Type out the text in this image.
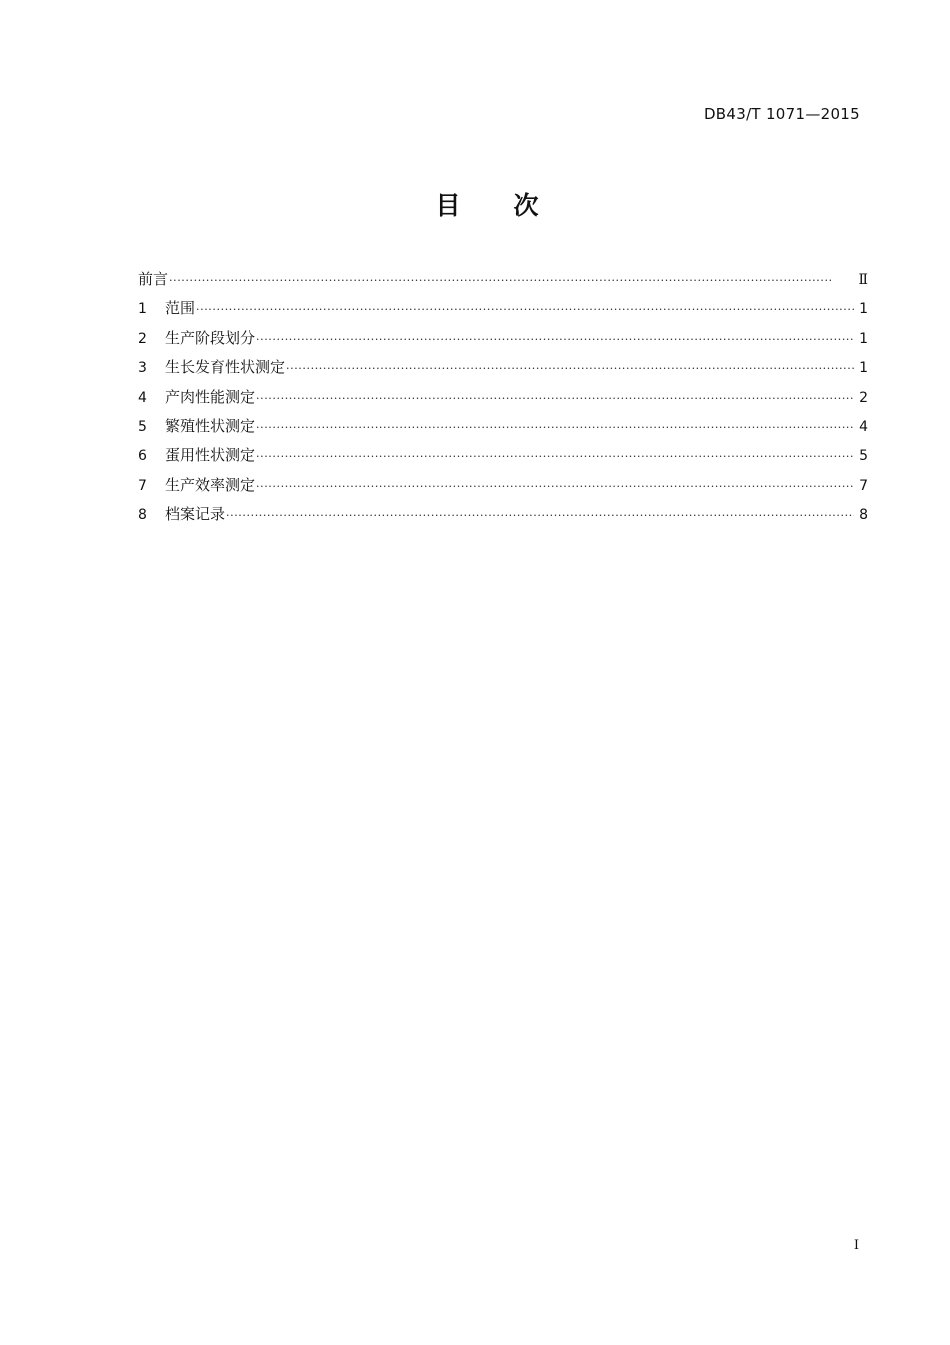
DB43/T 1071—2015
目 次
前言 ·····	Ⅱ
1	范围 ·····	1
2	生产阶段划分 ·····	1
3	生长发育性状测定 ·····	1
4	产肉性能测定 ·····	2
5	繁殖性状测定 ·····	4
6	蛋用性状测定 ·····	5
7	生产效率测定 ·····	7
8	档案记录 ·····	8
I
